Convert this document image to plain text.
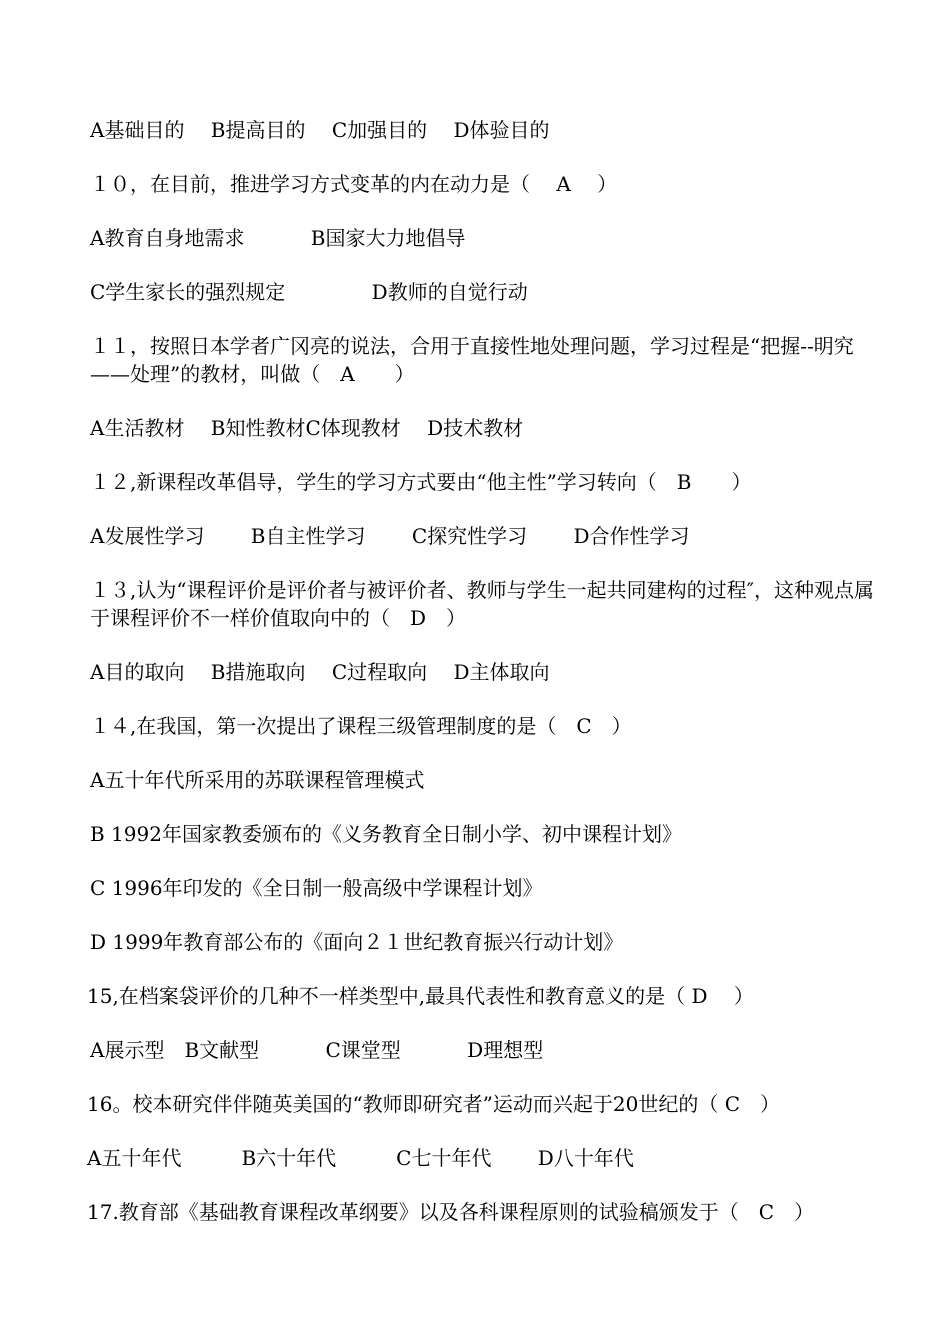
A基础目的　 B提高目的　 C加强目的　 D体验目的
１０，在目前，推进学习方式变革的内在动力是（　 A　 ）
A教育自身地需求　　　 B国家大力地倡导
C学生家长的强烈规定　　　　 D教师的自觉行动
１１，按照日本学者广冈亮的说法，合用于直接性地处理问题，学习过程是“把握--明究——处理”的教材，叫做（　A　　）
A生活教材　 B知性教材C体现教材　 D技术教材
１２,新课程改革倡导，学生的学习方式要由“他主性”学习转向（　B　　）
A发展性学习　　 B自主性学习　　 C探究性学习　　 D合作性学习
１３,认为“课程评价是评价者与被评价者、教师与学生一起共同建构的过程″，这种观点属于课程评价不一样价值取向中的（　D　）
A目的取向　 B措施取向　 C过程取向　 D主体取向
１４,在我国，第一次提出了课程三级管理制度的是（　C　）
A五十年代所采用的苏联课程管理模式
B 1992年国家教委颁布的《义务教育全日制小学、初中课程计划》
C 1996年印发的《全日制一般高级中学课程计划》
D 1999年教育部公布的《面向２１世纪教育振兴行动计划》
15,在档案袋评价的几种不一样类型中,最具代表性和教育意义的是（ D　 ）
A展示型　B文献型　　　 C课堂型　　　 D理想型
16。校本研究伴伴随英美国的“教师即研究者”运动而兴起于20世纪的（ C　）
A五十年代　　　B六十年代　　　C七十年代　　 D八十年代
17.教育部《基础教育课程改革纲要》以及各科课程原则的试验稿颁发于（　C　）
